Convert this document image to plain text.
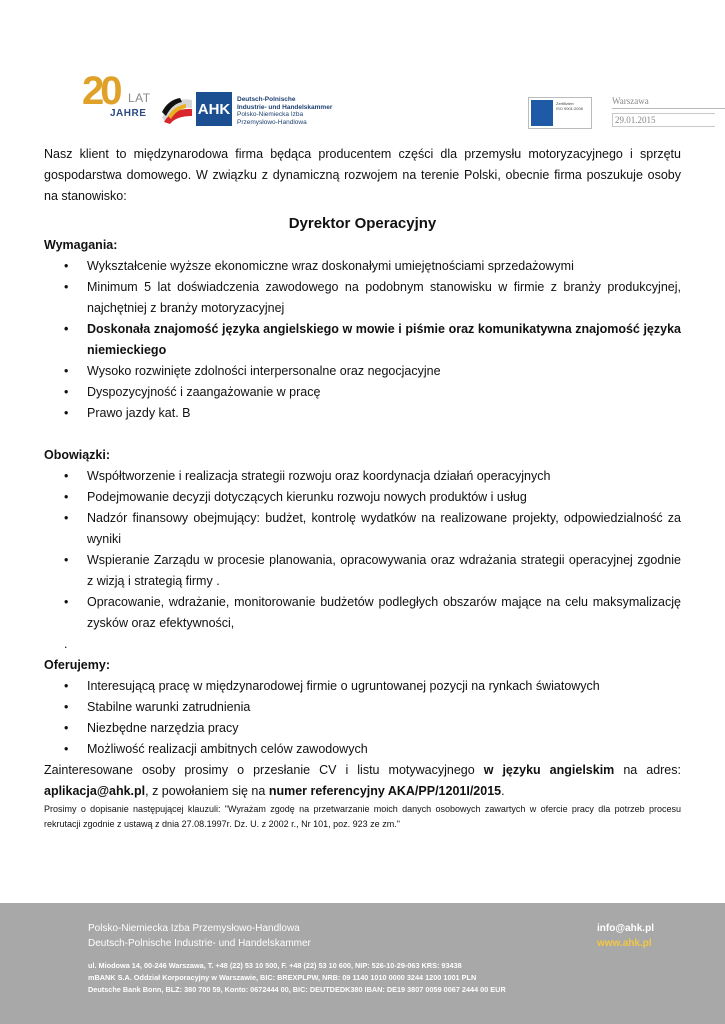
20 LAT
JAHRE	AHK
Deutsch-Polnische
Industrie- und Handelskammer
Polsko-Niemiecka Izba
Przemysłowo-Handlowa
Zertifiziert
ISO 9001:2008
Warszawa
29.01.2015

Nasz klient to międzynarodowa firma będąca producentem części dla przemysłu motoryzacyjnego i sprzętu gospodarstwa domowego. W związku z dynamiczną rozwojem na terenie Polski, obecnie firma poszukuje osoby na stanowisko:

Dyrektor Operacyjny
Wymagania:
• Wykształcenie wyższe ekonomiczne wraz doskonałymi umiejętnościami sprzedażowymi
• Minimum 5 lat doświadczenia zawodowego na podobnym stanowisku w firmie z branży produkcyjnej, najchętniej z branży motoryzacyjnej
• Doskonała znajomość języka angielskiego w mowie i piśmie oraz komunikatywna znajomość języka niemieckiego
• Wysoko rozwinięte zdolności interpersonalne oraz negocjacyjne
• Dyspozycyjność i zaangażowanie w pracę
• Prawo jazdy kat. B
Obowiązki:
• Współtworzenie i realizacja strategii rozwoju oraz koordynacja działań operacyjnych
• Podejmowanie decyzji dotyczących kierunku rozwoju nowych produktów i usług
• Nadzór finansowy obejmujący: budżet, kontrolę wydatków na realizowane projekty, odpowiedzialność za wyniki
• Wspieranie Zarządu w procesie planowania, opracowywania oraz wdrażania strategii operacyjnej zgodnie z wizją i strategią firmy .
• Opracowanie, wdrażanie, monitorowanie budżetów podległych obszarów mające na celu maksymalizację zysków oraz efektywności,
.
Oferujemy:
• Interesującą pracę w międzynarodowej firmie o ugruntowanej pozycji na rynkach światowych
• Stabilne warunki zatrudnienia
• Niezbędne narzędzia pracy
• Możliwość realizacji ambitnych celów zawodowych

Zainteresowane osoby prosimy o przesłanie CV i listu motywacyjnego w języku angielskim na adres: aplikacja@ahk.pl, z powołaniem się na numer referencyjny AKA/PP/1201I/2015.

Prosimy o dopisanie następującej klauzuli: "Wyrażam zgodę na przetwarzanie moich danych osobowych zawartych w ofercie pracy dla potrzeb procesu rekrutacji zgodnie z ustawą z dnia 27.08.1997r. Dz. U. z 2002 r., Nr 101, poz. 923 ze zm."

Polsko-Niemiecka Izba Przemysłowo-Handlowa
Deutsch-Polnische Industrie- und Handelskammer
info@ahk.pl
www.ahk.pl
ul. Miodowa 14, 00-246 Warszawa, T. +48 (22) 53 10 500, F. +48 (22) 53 10 600, NIP: 526-10-29-063 KRS: 93438
mBANK S.A. Oddział Korporacyjny w Warszawie, BIC: BREXPLPW, NRB: 09 1140 1010 0000 3244 1200 1001 PLN
Deutsche Bank Bonn, BLZ: 380 700 59, Konto: 0672444 00, BIC: DEUTDEDK380 IBAN: DE19 3807 0059 0067 2444 00 EUR
